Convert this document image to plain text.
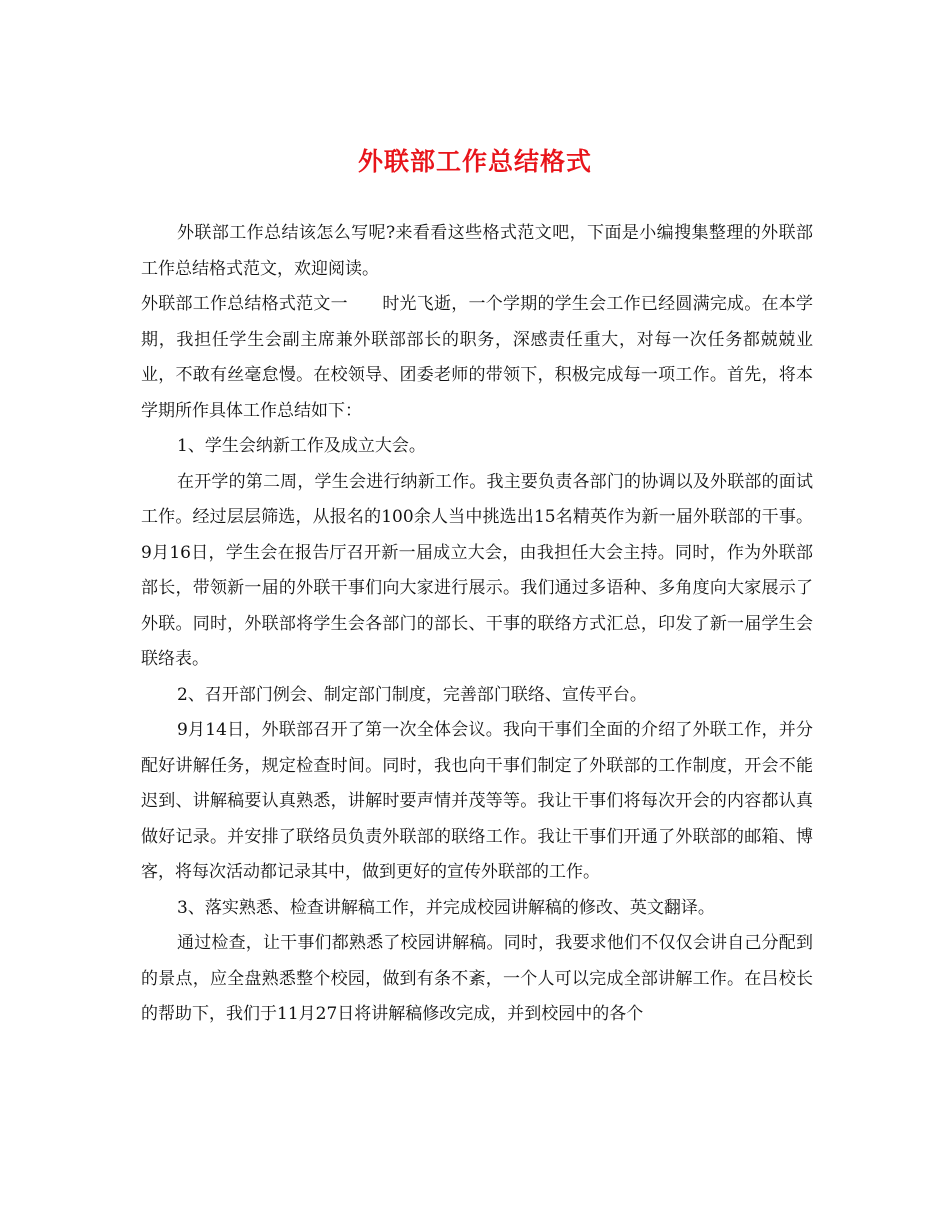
外联部工作总结格式

外联部工作总结该怎么写呢?来看看这些格式范文吧，下面是小编搜集整理的外联部工作总结格式范文，欢迎阅读。

外联部工作总结格式范文一　　时光飞逝，一个学期的学生会工作已经圆满完成。在本学期，我担任学生会副主席兼外联部部长的职务，深感责任重大，对每一次任务都兢兢业业，不敢有丝毫怠慢。在校领导、团委老师的带领下，积极完成每一项工作。首先，将本学期所作具体工作总结如下：

1、学生会纳新工作及成立大会。

在开学的第二周，学生会进行纳新工作。我主要负责各部门的协调以及外联部的面试工作。经过层层筛选，从报名的100余人当中挑选出15名精英作为新一届外联部的干事。9月16日，学生会在报告厅召开新一届成立大会，由我担任大会主持。同时，作为外联部部长，带领新一届的外联干事们向大家进行展示。我们通过多语种、多角度向大家展示了外联。同时，外联部将学生会各部门的部长、干事的联络方式汇总，印发了新一届学生会联络表。

2、召开部门例会、制定部门制度，完善部门联络、宣传平台。

9月14日，外联部召开了第一次全体会议。我向干事们全面的介绍了外联工作，并分配好讲解任务，规定检查时间。同时，我也向干事们制定了外联部的工作制度，开会不能迟到、讲解稿要认真熟悉，讲解时要声情并茂等等。我让干事们将每次开会的内容都认真做好记录。并安排了联络员负责外联部的联络工作。我让干事们开通了外联部的邮箱、博客，将每次活动都记录其中，做到更好的宣传外联部的工作。

3、落实熟悉、检查讲解稿工作，并完成校园讲解稿的修改、英文翻译。

通过检查，让干事们都熟悉了校园讲解稿。同时，我要求他们不仅仅会讲自己分配到的景点，应全盘熟悉整个校园，做到有条不紊，一个人可以完成全部讲解工作。在吕校长的帮助下，我们于11月27日将讲解稿修改完成，并到校园中的各个
